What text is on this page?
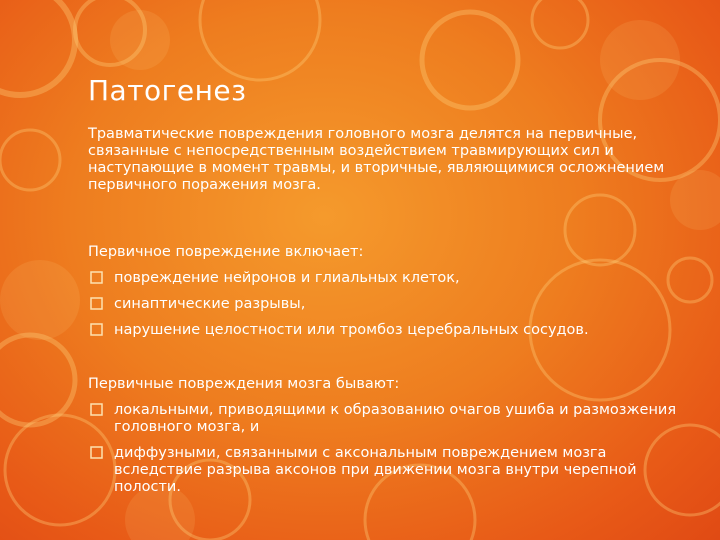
Патогенез
Травматические повреждения головного мозга делятся на первичные, связанные с непосредственным воздействием травмирующих сил и наступающие в момент травмы, и вторичные, являющимися осложнением первичного поражения мозга.
Первичное повреждение включает:
повреждение нейронов и глиальных клеток,
синаптические разрывы,
нарушение целостности или тромбоз церебральных сосудов.
Первичные повреждения мозга бывают:
локальными, приводящими к образованию очагов ушиба и размозжения головного мозга, и
диффузными, связанными с аксональным повреждением мозга вследствие разрыва аксонов при движении мозга внутри черепной полости.
